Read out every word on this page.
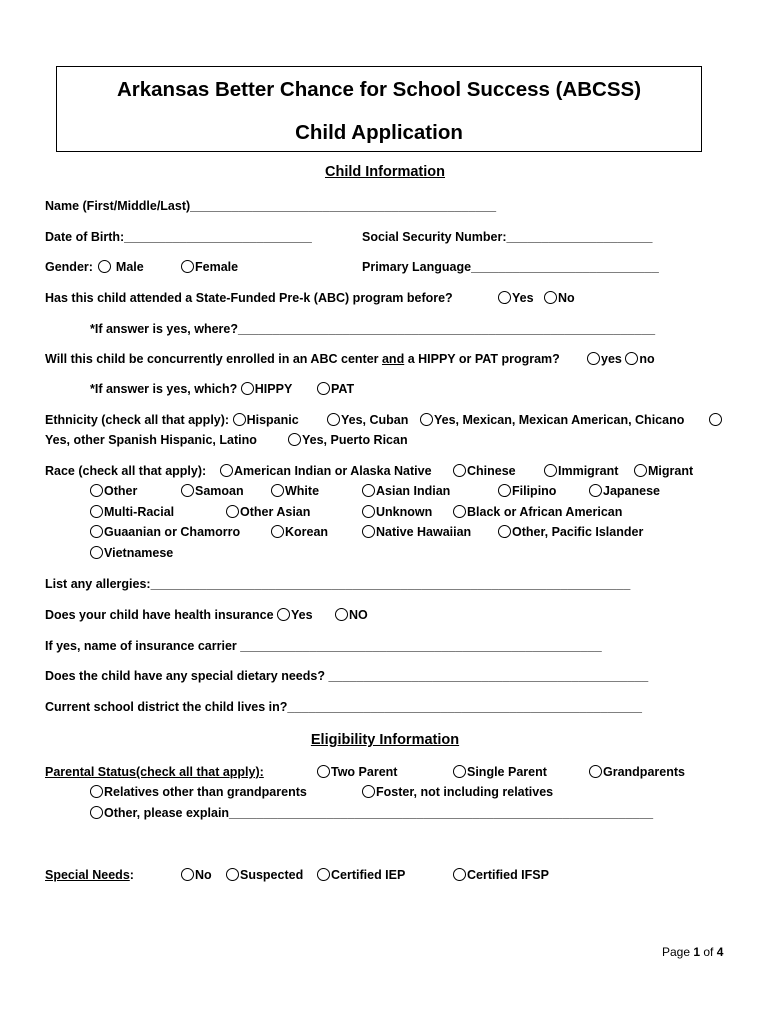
Arkansas Better Chance for School Success (ABCSS)
Child Application
Child Information
Name (First/Middle/Last)____________________________________________
Date of Birth:___________________________	Social Security Number:_____________________
Gender: Male	Female	Primary Language___________________________
Has this child attended a State-Funded Pre-k (ABC) program before?	Yes	No
*If answer is yes, where?____________________________________________________________
Will this child be concurrently enrolled in an ABC center and a HIPPY or PAT program?	yes no
*If answer is yes, which? HIPPY	PAT
Ethnicity (check all that apply): Hispanic	Yes, Cuban	Yes, Mexican, Mexican American, Chicano
Yes, other Spanish Hispanic, Latino	Yes, Puerto Rican
Race (check all that apply):	American Indian or Alaska Native	Chinese	Immigrant	Migrant
Other	Samoan	White	Asian Indian	Filipino	Japanese
Multi-Racial	Other Asian	Unknown	Black or African American
Guaanian or Chamorro	Korean	Native Hawaiian	Other, Pacific Islander
Vietnamese
List any allergies:_____________________________________________________________________
Does your child have health insurance Yes	NO
If yes, name of insurance carrier ____________________________________________________
Does the child have any special dietary needs? ______________________________________________
Current school district the child lives in?___________________________________________________
Eligibility Information
Parental Status(check all that apply):	Two Parent	Single Parent	Grandparents
Relatives other than grandparents	Foster, not including relatives
Other, please explain_____________________________________________________________
Special Needs:	No	Suspected	Certified IEP	Certified IFSP
Page 1 of 4
